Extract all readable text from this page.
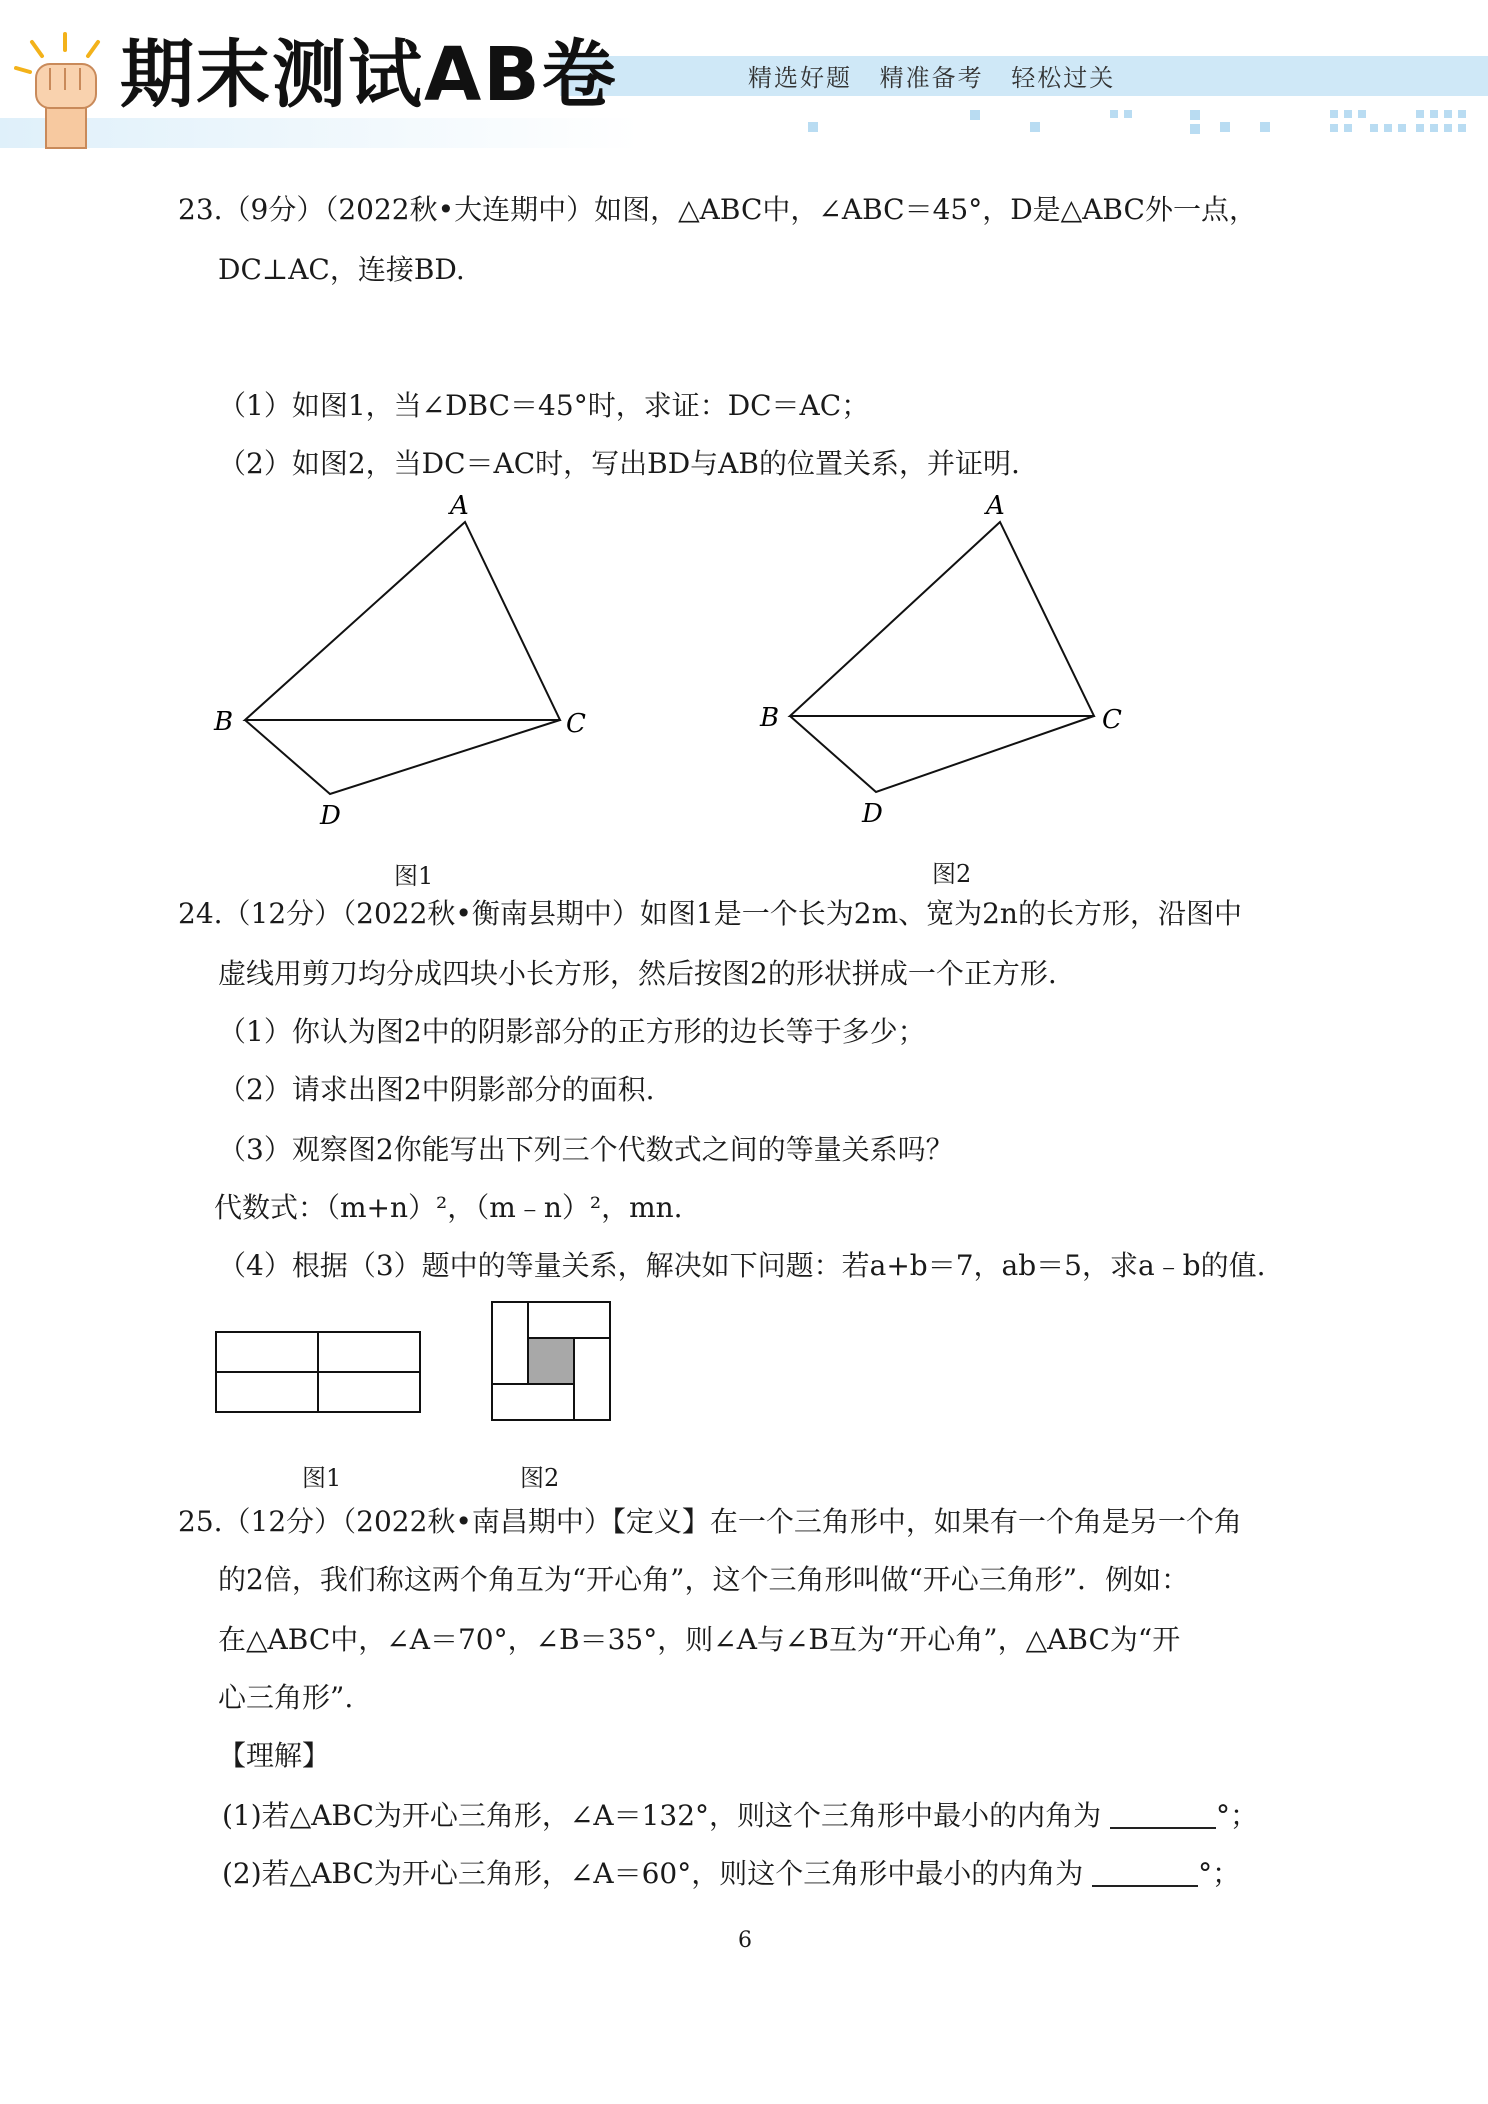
期末测试AB卷	精选好题 精准备考 轻松过关
23.（9分）（2022秋•大连期中）如图，△ABC中，∠ABC＝45°，D是△ABC外一点，
DC⊥AC，连接BD.
（1）如图1，当∠DBC＝45°时，求证：DC＝AC；
（2）如图2，当DC＝AC时，写出BD与AB的位置关系，并证明.
A
B	C
D
图1
A
B	C
D
图2
24.（12分）（2022秋•衡南县期中）如图1是一个长为2m、宽为2n的长方形，沿图中
虚线用剪刀均分成四块小长方形，然后按图2的形状拼成一个正方形.
（1）你认为图2中的阴影部分的正方形的边长等于多少；
（2）请求出图2中阴影部分的面积.
（3）观察图2你能写出下列三个代数式之间的等量关系吗？
代数式：（m+n）²，（m﹣n）²，mn.
（4）根据（3）题中的等量关系，解决如下问题：若a+b＝7，ab＝5，求a﹣b的值.
图1	图2
25.（12分）（2022秋•南昌期中）【定义】在一个三角形中，如果有一个角是另一个角
的2倍，我们称这两个角互为“开心角”，这个三角形叫做“开心三角形”．例如：
在△ABC中，∠A＝70°，∠B＝35°，则∠A与∠B互为“开心角”，△ABC为“开
心三角形”.
【理解】
(1)若△ABC为开心三角形，∠A＝132°，则这个三角形中最小的内角为	°；
(2)若△ABC为开心三角形，∠A＝60°，则这个三角形中最小的内角为	°；
6
